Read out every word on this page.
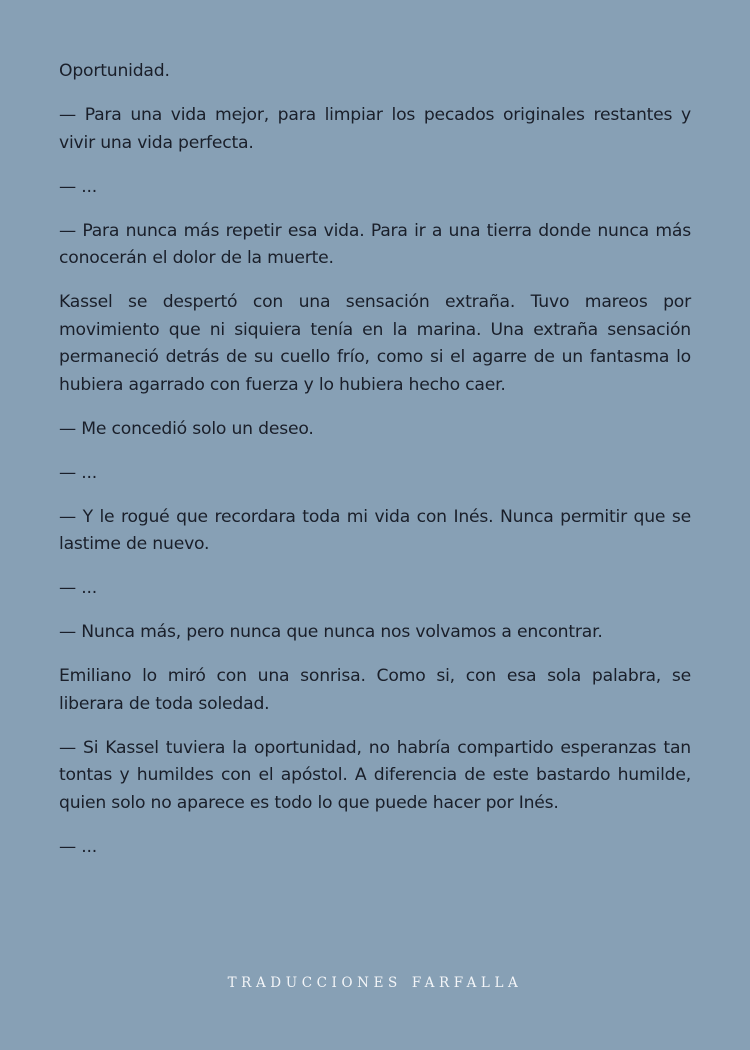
Oportunidad.

— Para una vida mejor, para limpiar los pecados originales restantes y vivir una vida perfecta.

— ...

— Para nunca más repetir esa vida. Para ir a una tierra donde nunca más conocerán el dolor de la muerte.

Kassel se despertó con una sensación extraña. Tuvo mareos por movimiento que ni siquiera tenía en la marina. Una extraña sensación permaneció detrás de su cuello frío, como si el agarre de un fantasma lo hubiera agarrado con fuerza y lo hubiera hecho caer.

— Me concedió solo un deseo.

— ...

— Y le rogué que recordara toda mi vida con Inés. Nunca permitir que se lastime de nuevo.

— ...

— Nunca más, pero nunca que nunca nos volvamos a encontrar.

Emiliano lo miró con una sonrisa. Como si, con esa sola palabra, se liberara de toda soledad.

— Si Kassel tuviera la oportunidad, no habría compartido esperanzas tan tontas y humildes con el apóstol. A diferencia de este bastardo humilde, quien solo no aparece es todo lo que puede hacer por Inés.

— ...

TRADUCCIONES FARFALLA
